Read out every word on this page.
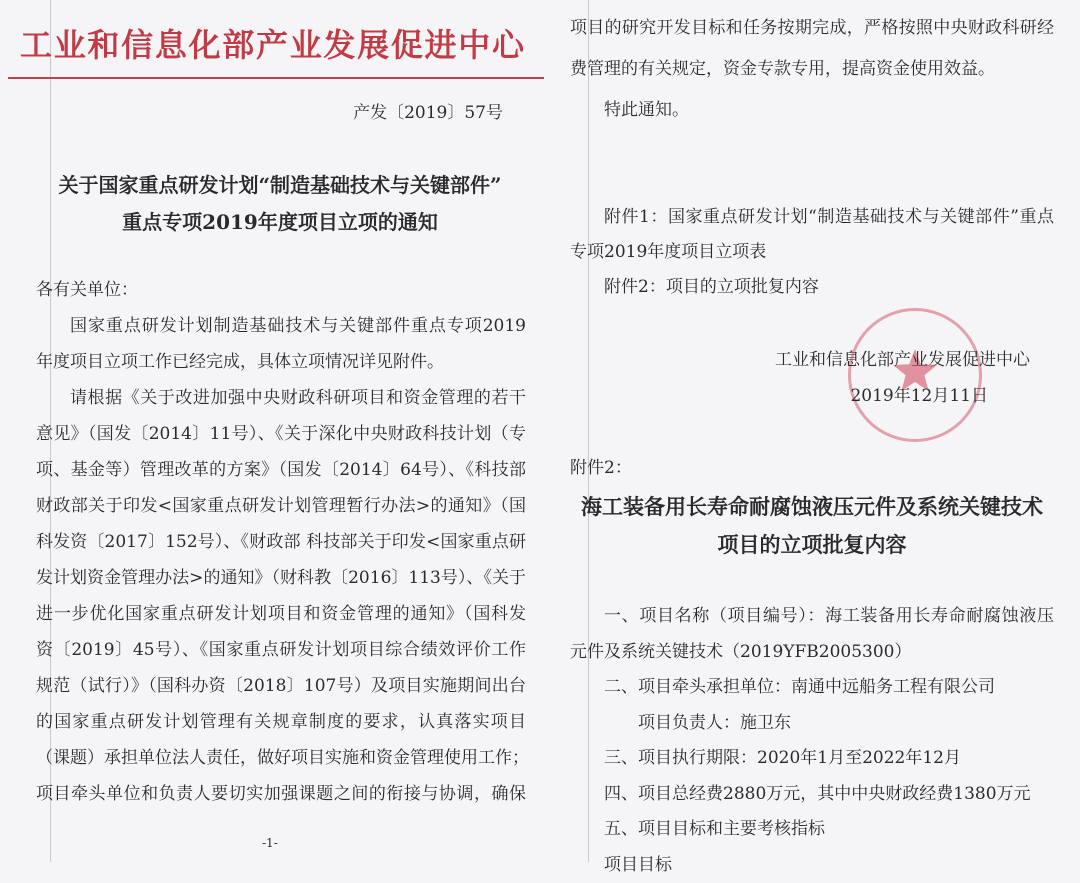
工业和信息化部产业发展促进中心
产发〔2019〕57号
关于国家重点研发计划“制造基础技术与关键部件”
重点专项2019年度项目立项的通知
各有关单位：
国家重点研发计划制造基础技术与关键部件重点专项2019
年度项目立项工作已经完成，具体立项情况详见附件。
请根据《关于改进加强中央财政科研项目和资金管理的若干
意见》（国发〔2014〕11号）、《关于深化中央财政科技计划（专
项、基金等）管理改革的方案》（国发〔2014〕64号）、《科技部
财政部关于印发<国家重点研发计划管理暂行办法>的通知》（国
科发资〔2017〕152号）、《财政部 科技部关于印发<国家重点研
发计划资金管理办法>的通知》（财科教〔2016〕113号）、《关于
进一步优化国家重点研发计划项目和资金管理的通知》（国科发
资〔2019〕45号）、《国家重点研发计划项目综合绩效评价工作
规范（试行）》（国科办资〔2018〕107号）及项目实施期间出台
的国家重点研发计划管理有关规章制度的要求，认真落实项目
（课题）承担单位法人责任，做好项目实施和资金管理使用工作；
项目牵头单位和负责人要切实加强课题之间的衔接与协调，确保
-1-
项目的研究开发目标和任务按期完成，严格按照中央财政科研经
费管理的有关规定，资金专款专用，提高资金使用效益。
特此通知。
附件1：国家重点研发计划“制造基础技术与关键部件”重点
专项2019年度项目立项表
附件2：项目的立项批复内容
工业和信息化部产业发展促进中心
2019年12月11日
附件2：
海工装备用长寿命耐腐蚀液压元件及系统关键技术
项目的立项批复内容
一、项目名称（项目编号）：海工装备用长寿命耐腐蚀液压
元件及系统关键技术（2019YFB2005300）
二、项目牵头承担单位：南通中远船务工程有限公司
项目负责人：施卫东
三、项目执行期限：2020年1月至2022年12月
四、项目总经费2880万元，其中中央财政经费1380万元
五、项目目标和主要考核指标
项目目标
